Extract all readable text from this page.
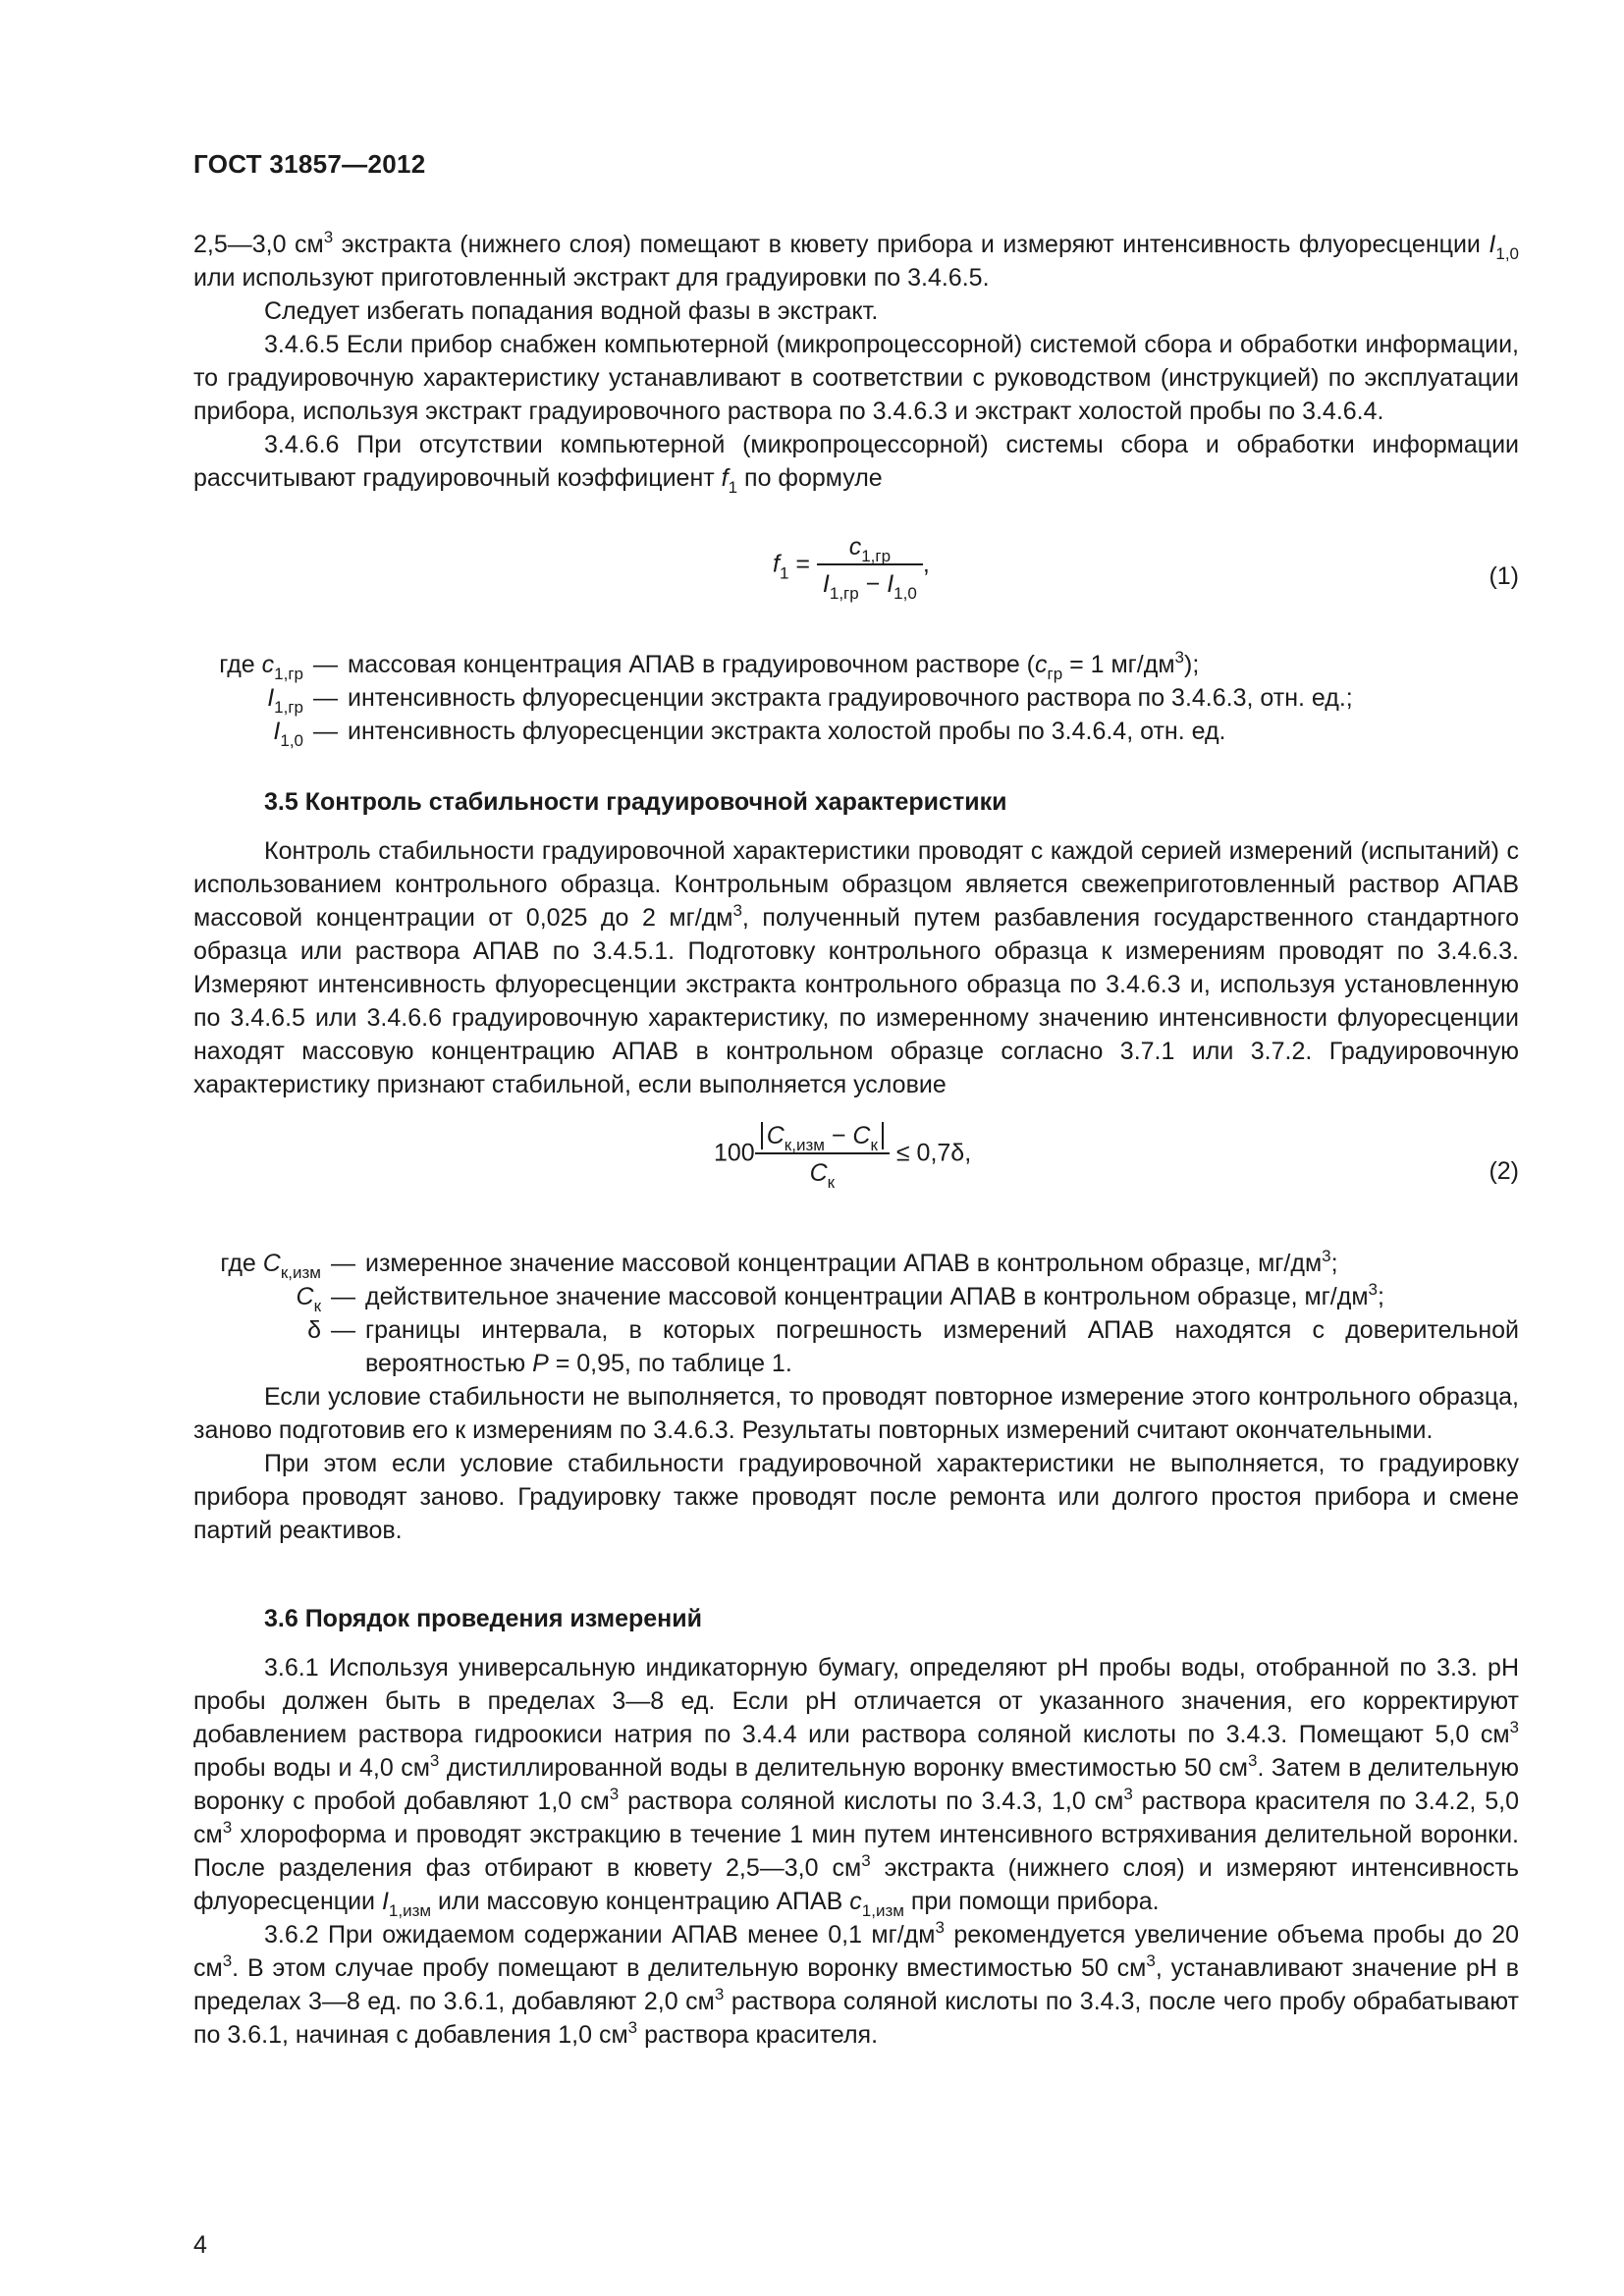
ГОСТ 31857—2012

2,5—3,0 $см^3$ экстракта (нижнего слоя) помещают в кювету прибора и измеряют интенсивность флуоресценции $I_{1,0}$ или используют приготовленный экстракт для градуировки по 3.4.6.5.

Следует избегать попадания водной фазы в экстракт.

3.4.6.5 Если прибор снабжен компьютерной (микропроцессорной) системой сбора и обработки информации, то градуировочную характеристику устанавливают в соответствии с руководством (инструкцией) по эксплуатации прибора, используя экстракт градуировочного раствора по 3.4.6.3 и экстракт холостой пробы по 3.4.6.4.

3.4.6.6 При отсутствии компьютерной (микропроцессорной) системы сбора и обработки информации рассчитывают градуировочный коэффициент $f_1$ по формуле

$f_1 = \frac{c_{1,гр}}{I_{1,гр} - I_{1,0}}$ ,	(1)
где $c_{1,гр}$ — массовая концентрация АПАВ в градуировочном растворе ($c_{гр} = 1$ $мг/дм^3$);
$I_{1,гр}$ — интенсивность флуоресценции экстракта градуировочного раствора по 3.4.6.3, отн. ед.;
$I_{1,0}$ — интенсивность флуоресценции экстракта холостой пробы по 3.4.6.4, отн. ед.

3.5 Контроль стабильности градуировочной характеристики

Контроль стабильности градуировочной характеристики проводят с каждой серией измерений (испытаний) с использованием контрольного образца. Контрольным образцом является свежеприготовленный раствор АПАВ массовой концентрации от 0,025 до 2 $мг/дм^3$, полученный путем разбавления государственного стандартного образца или раствора АПАВ по 3.4.5.1. Подготовку контрольного образца к измерениям проводят по 3.4.6.3. Измеряют интенсивность флуоресценции экстракта контрольного образца по 3.4.6.3 и, используя установленную по 3.4.6.5 или 3.4.6.6 градуировочную характеристику, по измеренному значению интенсивности флуоресценции находят массовую концентрацию АПАВ в контрольном образце согласно 3.7.1 или 3.7.2. Градуировочную характеристику признают стабильной, если выполняется условие

$100 \frac{C_{к,изм} - C_к}{C_к} \le 0,7\delta$,
(2)
где $C_{к,изм}$ — измеренное значение массовой концентрации АПАВ в контрольном образце, $мг/дм^3$;
$C_к$ — действительное значение массовой концентрации АПАВ в контрольном образце, $мг/дм^3$;
δ — границы интервала, в которых погрешность измерений АПАВ находятся с доверительной вероятностью P = 0,95, по таблице 1.

Если условие стабильности не выполняется, то проводят повторное измерение этого контрольного образца, заново подготовив его к измерениям по 3.4.6.3. Результаты повторных измерений считают окончательными.

При этом если условие стабильности градуировочной характеристики не выполняется, то градуировку прибора проводят заново. Градуировку также проводят после ремонта или долгого простоя прибора и смене партий реактивов.

3.6 Порядок проведения измерений

3.6.1 Используя универсальную индикаторную бумагу, определяют pH пробы воды, отобранной по 3.3. pH пробы должен быть в пределах 3—8 ед. Если pH отличается от указанного значения, его корректируют добавлением раствора гидроокиси натрия по 3.4.4 или раствора соляной кислоты по 3.4.3. Помещают 5,0 $см^3$ пробы воды и 4,0 $см^3$ дистиллированной воды в делительную воронку вместимостью 50 $см^3$. Затем в делительную воронку с пробой добавляют 1,0 $см^3$ раствора соляной кислоты по 3.4.3, 1,0 $см^3$ раствора красителя по 3.4.2, 5,0 $см^3$ хлороформа и проводят экстракцию в течение 1 мин путем интенсивного встряхивания делительной воронки. После разделения фаз отбирают в кювету 2,5—3,0 $см^3$ экстракта (нижнего слоя) и измеряют интенсивность флуоресценции $I_{1,изм}$ или массовую концентрацию АПАВ $c_{1,изм}$ при помощи прибора.

3.6.2 При ожидаемом содержании АПАВ менее 0,1 $мг/дм^3$ рекомендуется увеличение объема пробы до 20 $см^3$. В этом случае пробу помещают в делительную воронку вместимостью 50 $см^3$, устанавливают значение pH в пределах 3—8 ед. по 3.6.1, добавляют 2,0 $см^3$ раствора соляной кислоты по 3.4.3, после чего пробу обрабатывают по 3.6.1, начиная с добавления 1,0 $см^3$ раствора красителя.

4
